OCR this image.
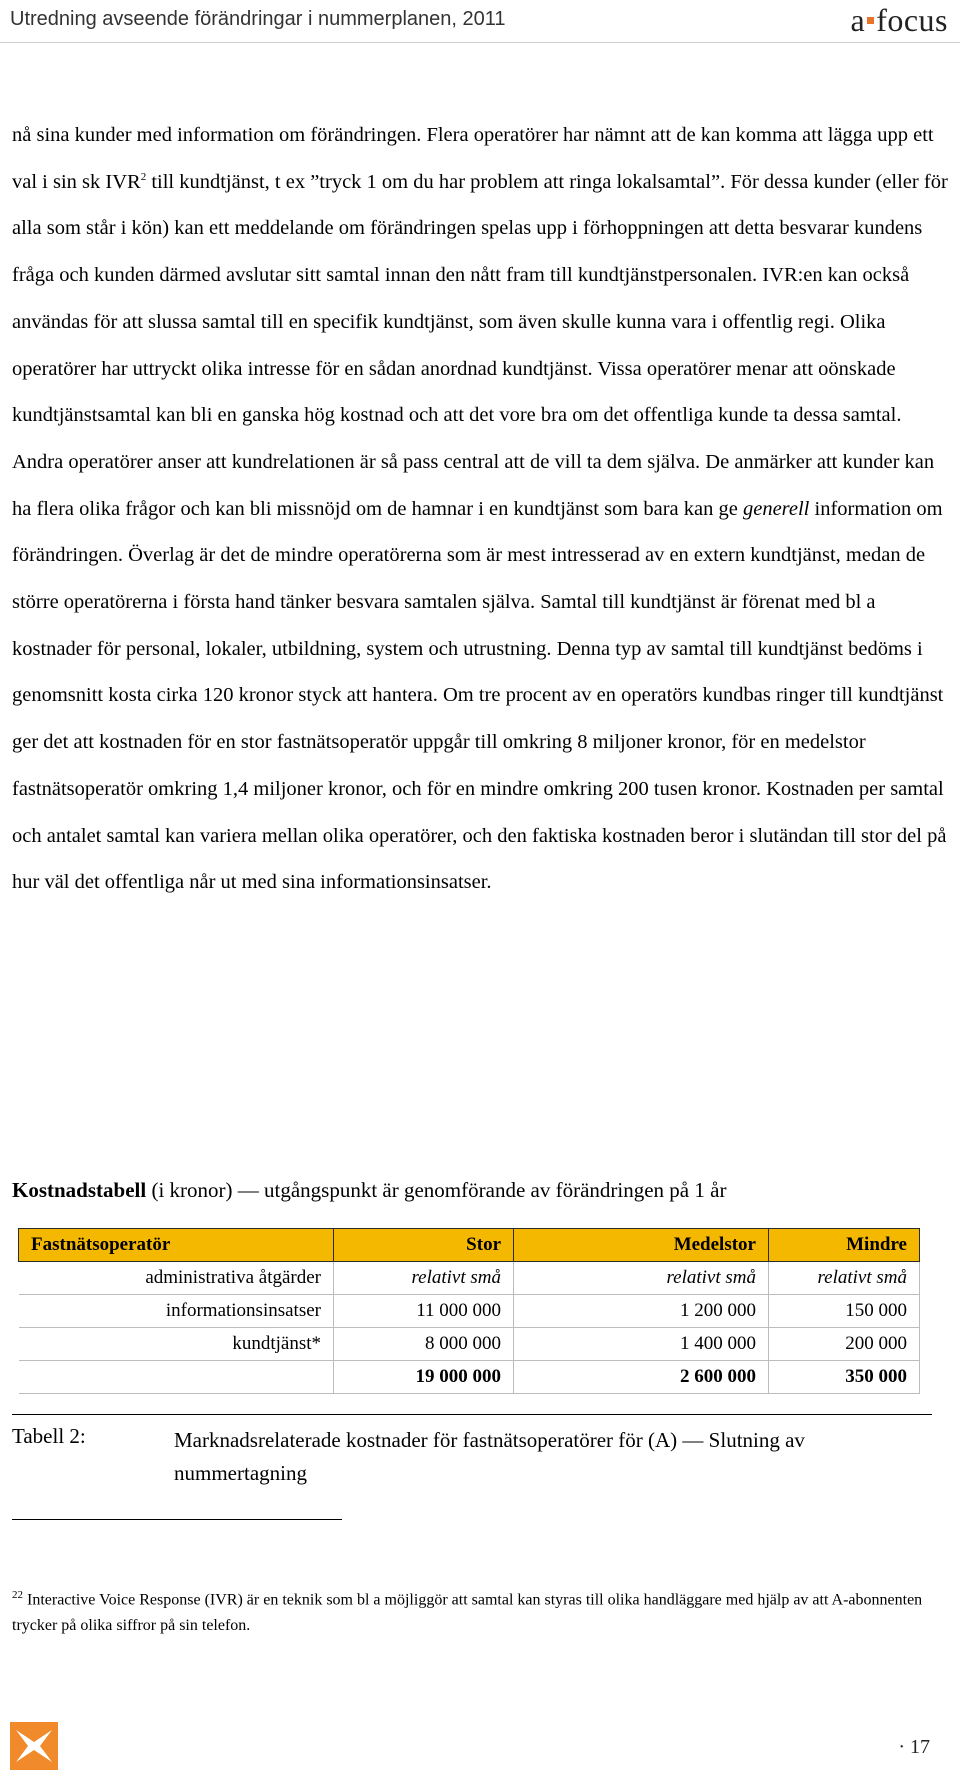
Utredning avseende förändringar i nummerplanen, 2011	a focus

nå sina kunder med information om förändringen. Flera operatörer har nämnt att de kan komma att lägga upp ett val i sin sk IVR$^2$ till kundtjänst, t ex ”tryck 1 om du har problem att ringa lokalsamtal”. För dessa kunder (eller för alla som står i kön) kan ett meddelande om förändringen spelas upp i förhoppningen att detta besvarar kundens fråga och kunden därmed avslutar sitt samtal innan den nått fram till kundtjänstpersonalen. IVR:en kan också användas för att slussa samtal till en specifik kundtjänst, som även skulle kunna vara i offentlig regi. Olika operatörer har uttryckt olika intresse för en sådan anordnad kundtjänst. Vissa operatörer menar att oönskade kundtjänstsamtal kan bli en ganska hög kostnad och att det vore bra om det offentliga kunde ta dessa samtal. Andra operatörer anser att kundrelationen är så pass central att de vill ta dem själva. De anmärker att kunder kan ha flera olika frågor och kan bli missnöjd om de hamnar i en kundtjänst som bara kan ge generell information om förändringen. Överlag är det de mindre operatörerna som är mest intresserad av en extern kundtjänst, medan de större operatörerna i första hand tänker besvara samtalen själva. Samtal till kundtjänst är förenat med bl a kostnader för personal, lokaler, utbildning, system och utrustning. Denna typ av samtal till kundtjänst bedöms i genomsnitt kosta cirka 120 kronor styck att hantera. Om tre procent av en operatörs kundbas ringer till kundtjänst ger det att kostnaden för en stor fastnätsoperatör uppgår till omkring 8 miljoner kronor, för en medelstor fastnätsoperatör omkring 1,4 miljoner kronor, och för en mindre omkring 200 tusen kronor. Kostnaden per samtal och antalet samtal kan variera mellan olika operatörer, och den faktiska kostnaden beror i slutändan till stor del på hur väl det offentliga når ut med sina informationsinsatser.

Kostnadstabell (i kronor) — utgångspunkt är genomförande av förändringen på 1 år

Fastnätsoperatör	Stor	Medelstor	Mindre
administrativa åtgärder	relativt små	relativt små	relativt små
informationsinsatser	11 000 000	1 200 000	150 000
kundtjänst*	8 000 000	1 400 000	200 000
	19 000 000	2 600 000	350 000
Tabell 2:	Marknadsrelaterade kostnader för fastnätsoperatörer för (A) — Slutning av nummertagning
$^{22}$ Interactive Voice Response (IVR) är en teknik som bl a möjliggör att samtal kan styras till olika handläggare med hjälp av att A-abonnenten trycker på olika siffror på sin telefon.
· 17
